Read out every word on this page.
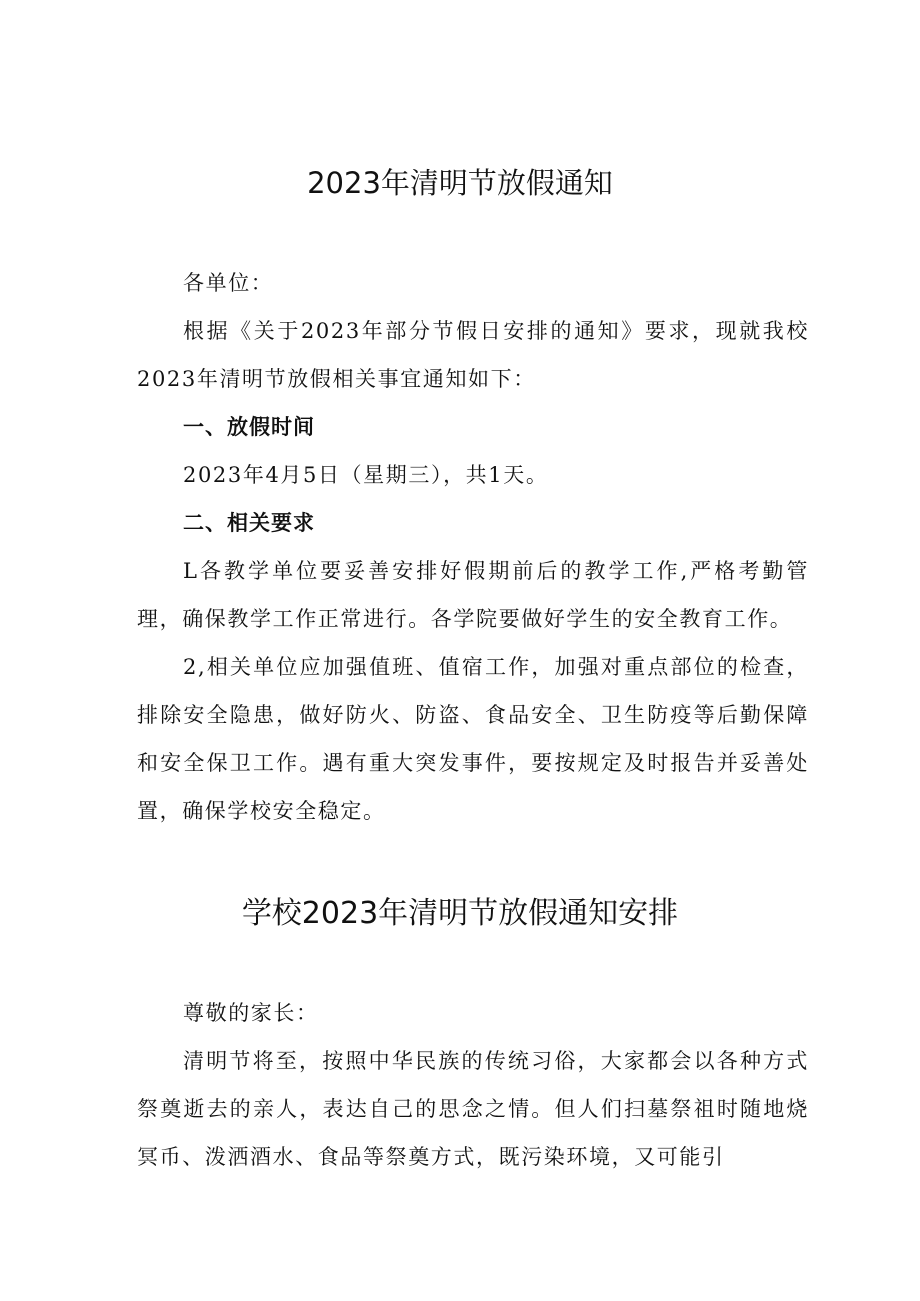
2023年清明节放假通知

各单位：

根据《关于2023年部分节假日安排的通知》要求，现就我校2023年清明节放假相关事宜通知如下：

一、放假时间

2023年4月5日（星期三），共1天。

二、相关要求

L各教学单位要妥善安排好假期前后的教学工作,严格考勤管理，确保教学工作正常进行。各学院要做好学生的安全教育工作。

2,相关单位应加强值班、值宿工作，加强对重点部位的检查，排除安全隐患，做好防火、防盗、食品安全、卫生防疫等后勤保障和安全保卫工作。遇有重大突发事件，要按规定及时报告并妥善处置，确保学校安全稳定。

学校2023年清明节放假通知安排

尊敬的家长：

清明节将至，按照中华民族的传统习俗，大家都会以各种方式祭奠逝去的亲人，表达自己的思念之情。但人们扫墓祭祖时随地烧冥币、泼洒酒水、食品等祭奠方式，既污染环境，又可能引
